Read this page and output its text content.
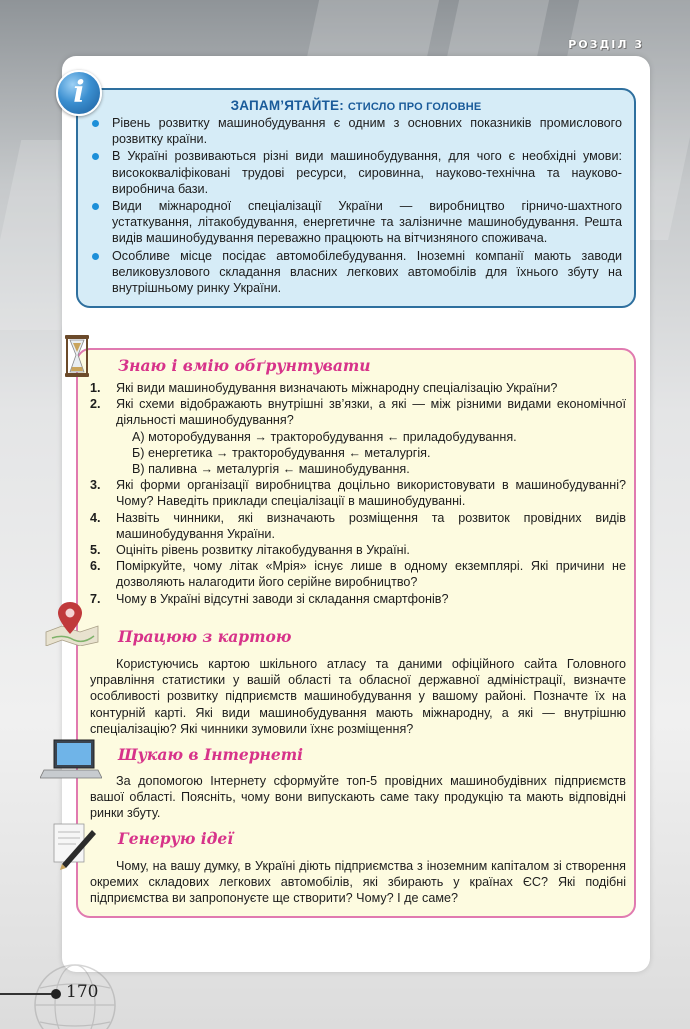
РОЗДІЛ 3
ЗАПАМ’ЯТАЙТЕ: СТИСЛО ПРО ГОЛОВНЕ
Рівень розвитку машинобудування є одним з основних показників промислового розвитку країни.
В Україні розвиваються різні види машинобудування, для чого є необхідні умови: висококваліфіковані трудові ресурси, сировинна, науково-технічна та науково-виробнича бази.
Види міжнародної спеціалізації України — виробництво гірничо-шахтного устаткування, літакобудування, енергетичне та залізничне машинобудування. Решта видів машинобудування переважно працюють на вітчизняного споживача.
Особливе місце посідає автомобілебудування. Іноземні компанії мають заводи великовузлового складання власних легкових автомобілів для їхнього збуту на внутрішньому ринку України.
i
Знаю і вмію обґрунтувати
1. Які види машинобудування визначають міжнародну спеціалізацію України?
2. Які схеми відображають внутрішні зв’язки, а які — між різними видами економічної діяльності машинобудування?
А) моторобудування → тракторобудування ← приладобудування.
Б) енергетика → тракторобудування ← металургія.
В) паливна → металургія ← машинобудування.
3. Які форми організації виробництва доцільно використовувати в машинобудуванні? Чому? Наведіть приклади спеціалізації в машинобудуванні.
4. Назвіть чинники, які визначають розміщення та розвиток провідних видів машинобудування України.
5. Оцініть рівень розвитку літакобудування в Україні.
6. Поміркуйте, чому літак «Мрія» існує лише в одному екземплярі. Які причини не дозволяють налагодити його серійне виробництво?
7. Чому в Україні відсутні заводи зі складання смартфонів?
Працюю з картою
Користуючись картою шкільного атласу та даними офіційного сайта Головного управління статистики у вашій області та обласної державної адміністрації, визначте особливості розвитку підприємств машинобудування у вашому районі. Позначте їх на контурній карті. Які види машинобудування мають міжнародну, а які — внутрішню спеціалізацію? Які чинники зумовили їхнє розміщення?
Шукаю в Інтернеті
За допомогою Інтернету сформуйте топ-5 провідних машинобудівних підприємств вашої області. Поясніть, чому вони випускають саме таку продукцію та мають відповідні ринки збуту.
Генерую ідеї
Чому, на вашу думку, в Україні діють підприємства з іноземним капіталом зі створення окремих складових легкових автомобілів, які збирають у країнах ЄС? Які подібні підприємства ви запропонуєте ще створити? Чому? І де саме?
170
